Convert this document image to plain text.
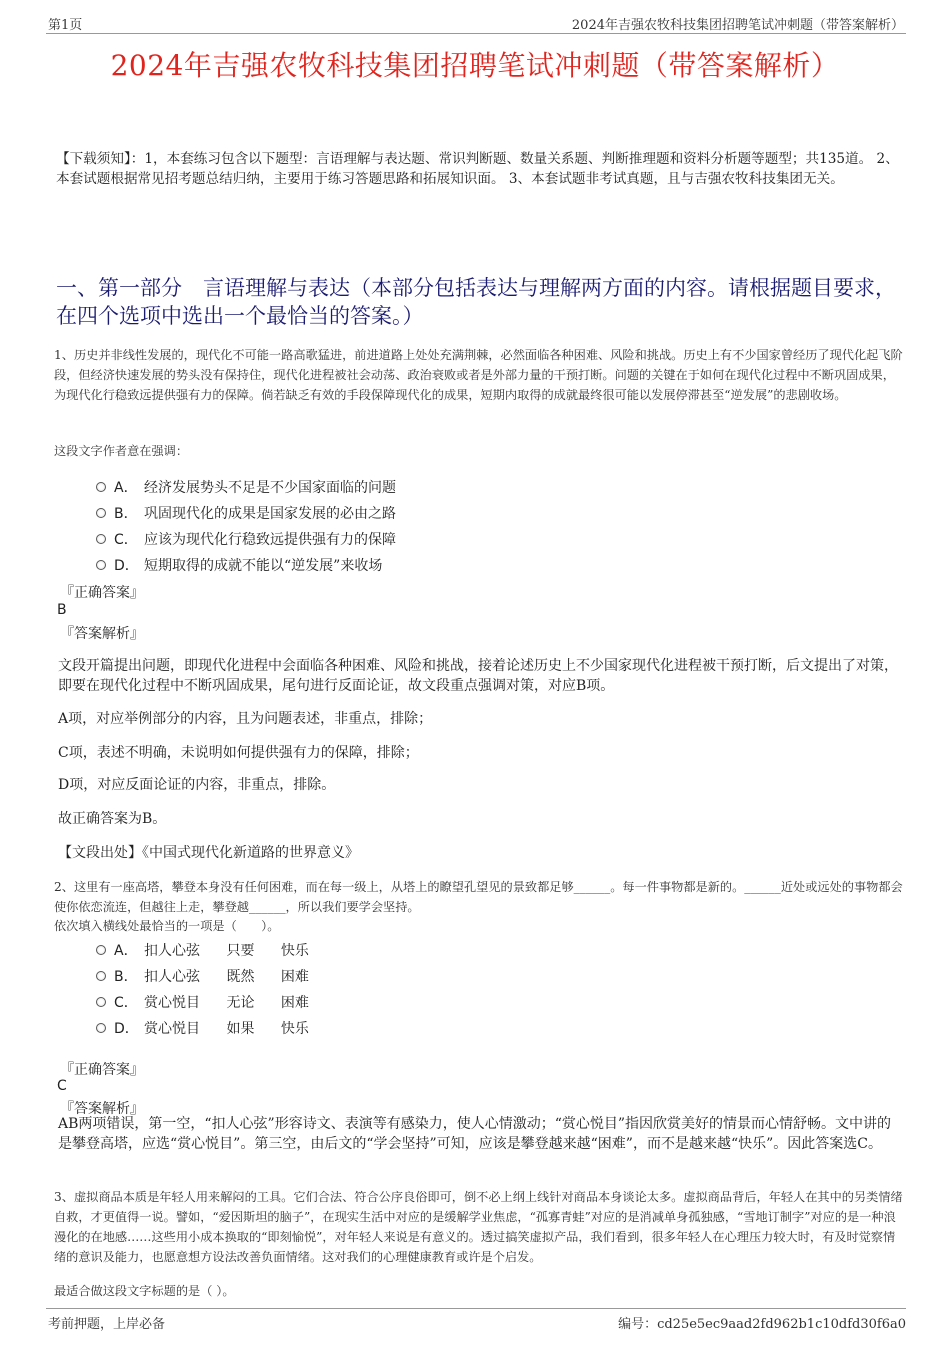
第1页	2024年吉强农牧科技集团招聘笔试冲刺题（带答案解析）
2024年吉强农牧科技集团招聘笔试冲刺题（带答案解析）
【下载须知】：1，本套练习包含以下题型：言语理解与表达题、常识判断题、数量关系题、判断推理题和资料分析题等题型；共135道。 2、本套试题根据常见招考题总结归纳，主要用于练习答题思路和拓展知识面。 3、本套试题非考试真题，且与吉强农牧科技集团无关。
一、第一部分　言语理解与表达（本部分包括表达与理解两方面的内容。请根据题目要求，在四个选项中选出一个最恰当的答案。）
1、历史并非线性发展的，现代化不可能一路高歌猛进，前进道路上处处充满荆棘，必然面临各种困难、风险和挑战。历史上有不少国家曾经历了现代化起飞阶段，但经济快速发展的势头没有保持住，现代化进程被社会动荡、政治衰败或者是外部力量的干预打断。问题的关键在于如何在现代化过程中不断巩固成果，为现代化行稳致远提供强有力的保障。倘若缺乏有效的手段保障现代化的成果，短期内取得的成就最终很可能以发展停滞甚至“逆发展”的悲剧收场。
这段文字作者意在强调：
A． 经济发展势头不足是不少国家面临的问题
B． 巩固现代化的成果是国家发展的必由之路
C． 应该为现代化行稳致远提供强有力的保障
D． 短期取得的成就不能以“逆发展”来收场
『正确答案』
B
『答案解析』
文段开篇提出问题，即现代化进程中会面临各种困难、风险和挑战，接着论述历史上不少国家现代化进程被干预打断，后文提出了对策，即要在现代化过程中不断巩固成果，尾句进行反面论证，故文段重点强调对策，对应B项。
A项，对应举例部分的内容，且为问题表述，非重点，排除；
C项，表述不明确，未说明如何提供强有力的保障，排除；
D项，对应反面论证的内容，非重点，排除。
故正确答案为B。
【文段出处】《中国式现代化新道路的世界意义》
2、这里有一座高塔，攀登本身没有任何困难，而在每一级上，从塔上的瞭望孔望见的景致都足够______。每一件事物都是新的。______近处或远处的事物都会使你依恋流连，但越往上走，攀登越______，所以我们要学会坚持。
依次填入横线处最恰当的一项是（　　）。
A． 扣人心弦 只要 快乐
B． 扣人心弦 既然 困难
C． 赏心悦目 无论 困难
D． 赏心悦目 如果 快乐
『正确答案』
C
『答案解析』
AB两项错误，第一空，“扣人心弦”形容诗文、表演等有感染力，使人心情激动；“赏心悦目”指因欣赏美好的情景而心情舒畅。文中讲的是攀登高塔，应选“赏心悦目”。第三空，由后文的“学会坚持”可知，应该是攀登越来越“困难”，而不是越来越“快乐”。因此答案选C。
3、虚拟商品本质是年轻人用来解闷的工具。它们合法、符合公序良俗即可，倒不必上纲上线针对商品本身谈论太多。虚拟商品背后，年轻人在其中的另类情绪自救，才更值得一说。譬如，“爱因斯坦的脑子”，在现实生活中对应的是缓解学业焦虑，“孤寡青蛙”对应的是消减单身孤独感，“雪地订制字”对应的是一种浪漫化的在地感……这些用小成本换取的“即刻愉悦”，对年轻人来说是有意义的。透过搞笑虚拟产品，我们看到，很多年轻人在心理压力较大时，有及时觉察情绪的意识及能力，也愿意想方设法改善负面情绪。这对我们的心理健康教育或许是个启发。
最适合做这段文字标题的是（ ）。
考前押题，上岸必备	编号：cd25e5ec9aad2fd962b1c10dfd30f6a0
